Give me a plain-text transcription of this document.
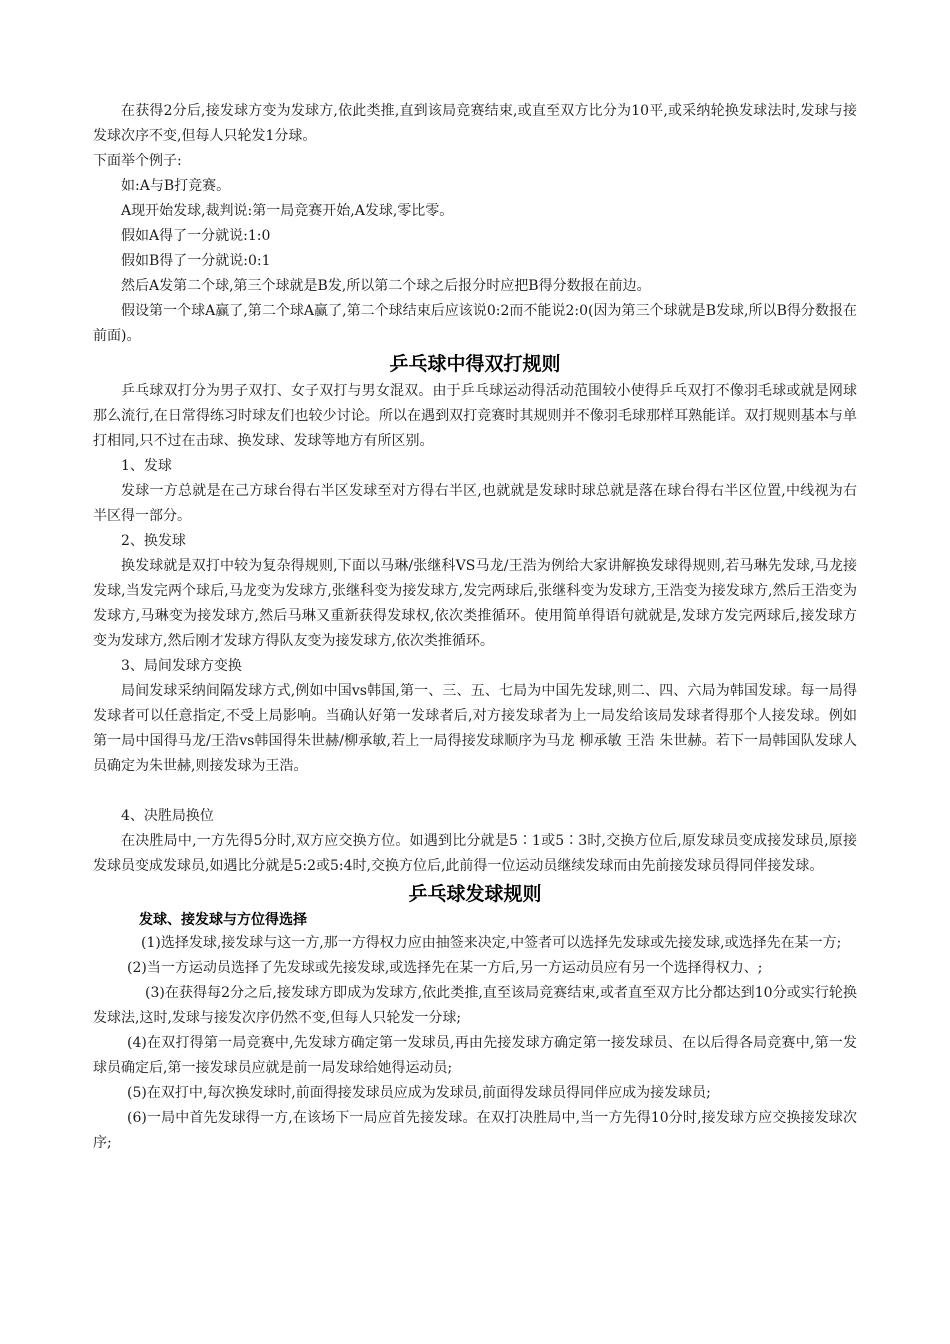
在获得2分后,接发球方变为发球方,依此类推,直到该局竞赛结束,或直至双方比分为10平,或采纳轮换发球法时,发球与接发球次序不变,但每人只轮发1分球。

下面举个例子:

如:A与B打竞赛。

A现开始发球,裁判说:第一局竞赛开始,A发球,零比零。

假如A得了一分就说:1:0

假如B得了一分就说:0:1

然后A发第二个球,第三个球就是B发,所以第二个球之后报分时应把B得分数报在前边。

假设第一个球A赢了,第二个球A赢了,第二个球结束后应该说0:2而不能说2:0(因为第三个球就是B发球,所以B得分数报在前面)。

乒乓球中得双打规则

乒乓球双打分为男子双打、女子双打与男女混双。由于乒乓球运动得活动范围较小使得乒乓双打不像羽毛球或就是网球那么流行,在日常得练习时球友们也较少讨论。所以在遇到双打竞赛时其规则并不像羽毛球那样耳熟能详。双打规则基本与单打相同,只不过在击球、换发球、发球等地方有所区别。

1、发球

发球一方总就是在己方球台得右半区发球至对方得右半区,也就就是发球时球总就是落在球台得右半区位置,中线视为右半区得一部分。

2、换发球

换发球就是双打中较为复杂得规则,下面以马琳/张继科VS马龙/王浩为例给大家讲解换发球得规则,若马琳先发球,马龙接发球,当发完两个球后,马龙变为发球方,张继科变为接发球方,发完两球后,张继科变为发球方,王浩变为接发球方,然后王浩变为发球方,马琳变为接发球方,然后马琳又重新获得发球权,依次类推循环。使用简单得语句就就是,发球方发完两球后,接发球方变为发球方,然后刚才发球方得队友变为接发球方,依次类推循环。

3、局间发球方变换

局间发球采纳间隔发球方式,例如中国vs韩国,第一、三、五、七局为中国先发球,则二、四、六局为韩国发球。每一局得发球者可以任意指定,不受上局影响。当确认好第一发球者后,对方接发球者为上一局发给该局发球者得那个人接发球。例如第一局中国得马龙/王浩vs韩国得朱世赫/柳承敏,若上一局得接发球顺序为马龙 柳承敏 王浩 朱世赫。若下一局韩国队发球人员确定为朱世赫,则接发球为王浩。

4、决胜局换位

在决胜局中,一方先得5分时,双方应交换方位。如遇到比分就是5∶1或5∶3时,交换方位后,原发球员变成接发球员,原接发球员变成发球员,如遇比分就是5:2或5:4时,交换方位后,此前得一位运动员继续发球而由先前接发球员得同伴接发球。

乒乓球发球规则
发球、接发球与方位得选择

(1)选择发球,接发球与这一方,那一方得权力应由抽签来决定,中签者可以选择先发球或先接发球,或选择先在某一方;

(2)当一方运动员选择了先发球或先接发球,或选择先在某一方后,另一方运动员应有另一个选择得权力、;

(3)在获得每2分之后,接发球方即成为发球方,依此类推,直至该局竞赛结束,或者直至双方比分都达到10分或实行轮换发球法,这时,发球与接发次序仍然不变,但每人只轮发一分球;

(4)在双打得第一局竞赛中,先发球方确定第一发球员,再由先接发球方确定第一接发球员、在以后得各局竞赛中,第一发球员确定后,第一接发球员应就是前一局发球给她得运动员;

(5)在双打中,每次换发球时,前面得接发球员应成为发球员,前面得发球员得同伴应成为接发球员;

(6)一局中首先发球得一方,在该场下一局应首先接发球。在双打决胜局中,当一方先得10分时,接发球方应交换接发球次序;
